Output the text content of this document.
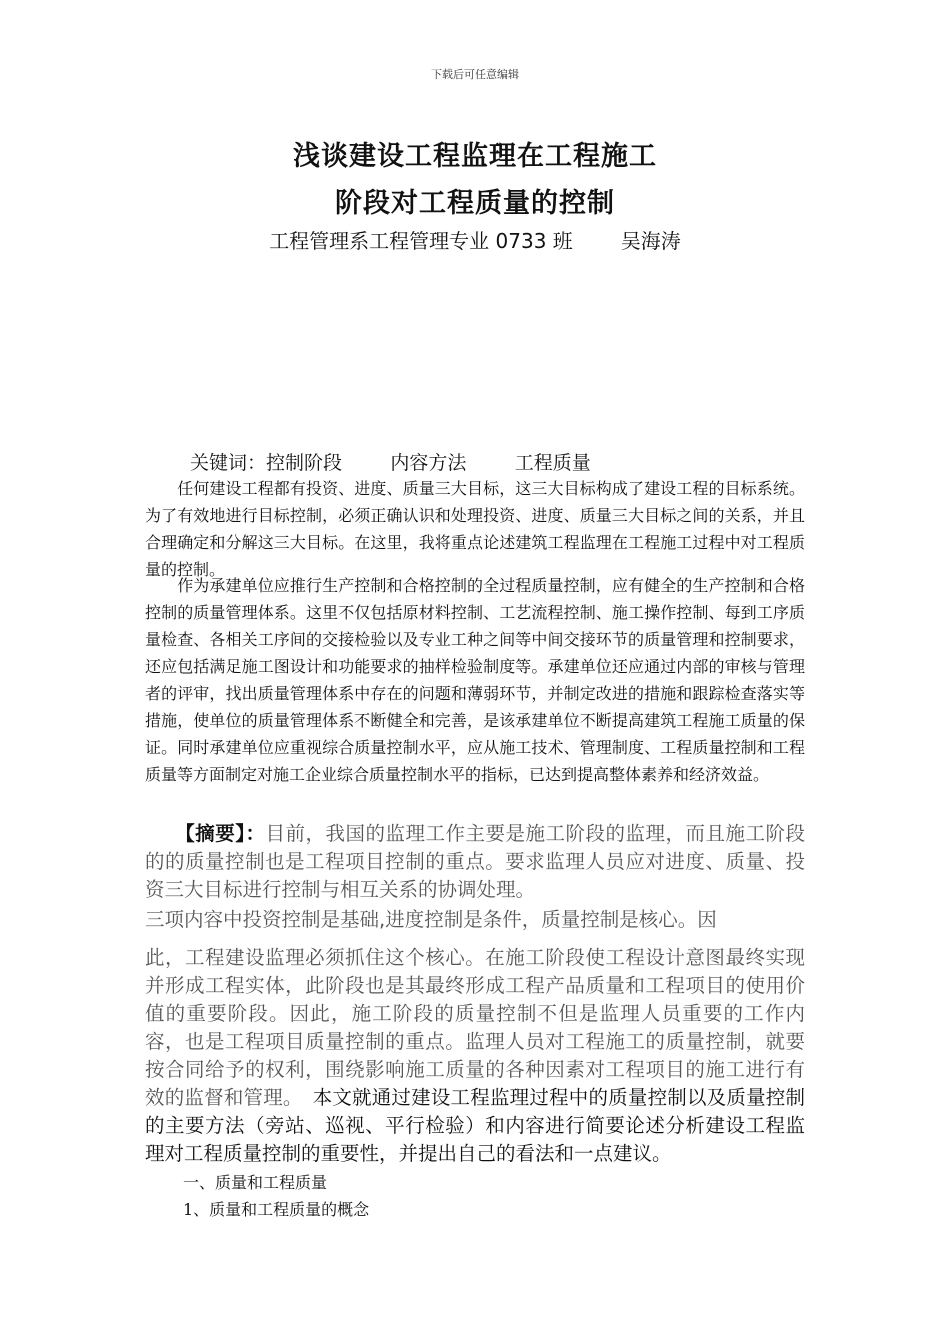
下载后可任意编辑
浅谈建设工程监理在工程施工
阶段对工程质量的控制
工程管理系工程管理专业 0733 班 吴海涛
关键词：控制阶段	内容方法	工程质量
　　任何建设工程都有投资、进度、质量三大目标，这三大目标构成了建设工程的目标系统。为了有效地进行目标控制，必须正确认识和处理投资、进度、质量三大目标之间的关系，并且合理确定和分解这三大目标。在这里，我将重点论述建筑工程监理在工程施工过程中对工程质量的控制。
　　作为承建单位应推行生产控制和合格控制的全过程质量控制，应有健全的生产控制和合格控制的质量管理体系。这里不仅包括原材料控制、工艺流程控制、施工操作控制、每到工序质量检查、各相关工序间的交接检验以及专业工种之间等中间交接环节的质量管理和控制要求，还应包括满足施工图设计和功能要求的抽样检验制度等。承建单位还应通过内部的审核与管理者的评审，找出质量管理体系中存在的问题和薄弱环节，并制定改进的措施和跟踪检查落实等措施，使单位的质量管理体系不断健全和完善，是该承建单位不断提高建筑工程施工质量的保证。同时承建单位应重视综合质量控制水平，应从施工技术、管理制度、工程质量控制和工程质量等方面制定对施工企业综合质量控制水平的指标，已达到提高整体素养和经济效益。
　　【摘要】：目前，我国的监理工作主要是施工阶段的监理，而且施工阶段的的质量控制也是工程项目控制的重点。要求监理人员应对进度、质量、投资三大目标进行控制与相互关系的协调处理。
三项内容中投资控制是基础,进度控制是条件，质量控制是核心。因
此，工程建设监理必须抓住这个核心。在施工阶段使工程设计意图最终实现并形成工程实体，此阶段也是其最终形成工程产品质量和工程项目的使用价值的重要阶段。因此，施工阶段的质量控制不但是监理人员重要的工作内容，也是工程项目质量控制的重点。监理人员对工程施工的质量控制，就要按合同给予的权利，围绕影响施工质量的各种因素对工程项目的施工进行有效的监督和管理。　 本文就通过建设工程监理过程中的质量控制以及质量控制的主要方法（旁站、巡视、平行检验）和内容进行简要论述分析建设工程监理对工程质量控制的重要性，并提出自己的看法和一点建议。
一、质量和工程质量
1、质量和工程质量的概念
